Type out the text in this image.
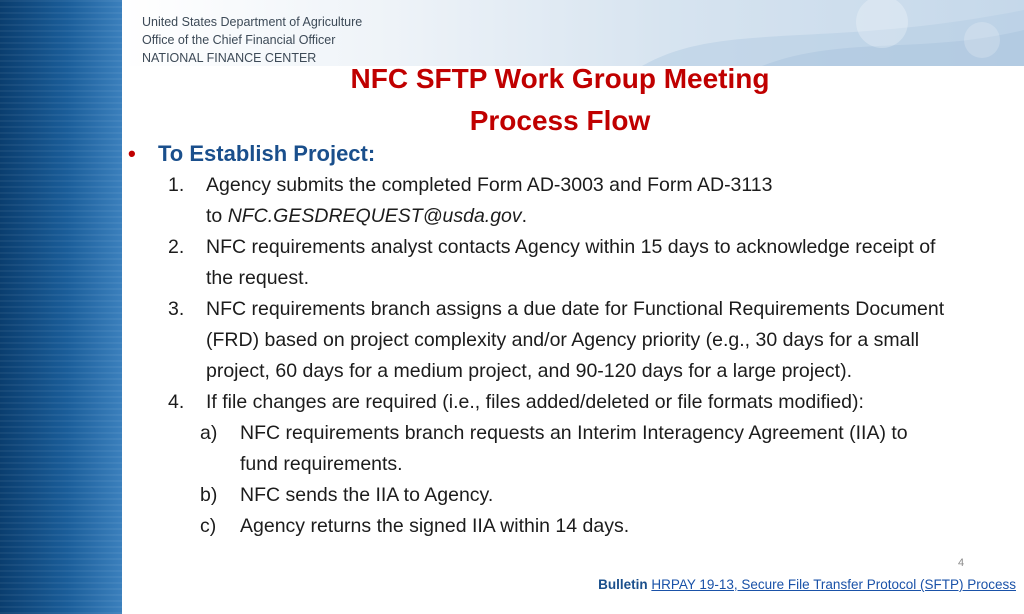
United States Department of Agriculture
Office of the Chief Financial Officer
NATIONAL FINANCE CENTER
NFC SFTP Work Group Meeting
Process Flow
• To Establish Project:
1. Agency submits the completed Form AD-3003 and Form AD-3113
to NFC.GESDREQUEST@usda.gov.
2. NFC requirements analyst contacts Agency within 15 days to acknowledge receipt of
the request.
3. NFC requirements branch assigns a due date for Functional Requirements Document
(FRD) based on project complexity and/or Agency priority (e.g., 30 days for a small
project, 60 days for a medium project, and 90-120 days for a large project).
4. If file changes are required (i.e., files added/deleted or file formats modified):
a) NFC requirements branch requests an Interim Interagency Agreement (IIA) to
fund requirements.
b) NFC sends the IIA to Agency.
c) Agency returns the signed IIA within 14 days.
4
Bulletin HRPAY 19-13, Secure File Transfer Protocol (SFTP) Process
